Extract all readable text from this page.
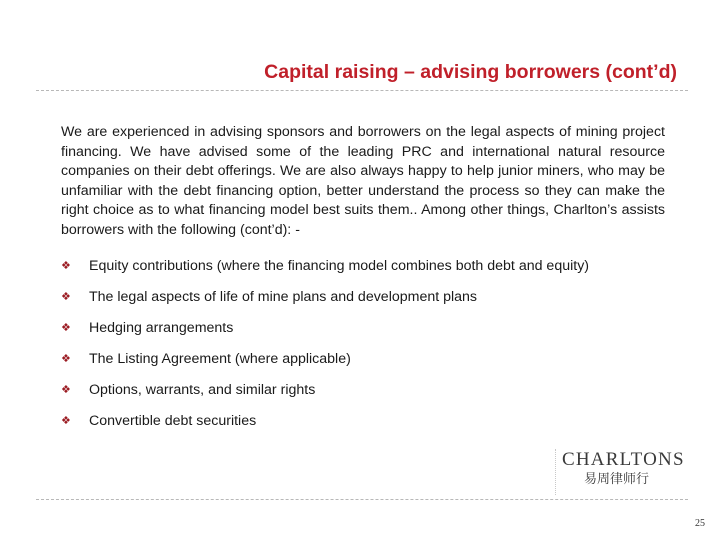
Capital raising – advising borrowers (cont’d)

We are experienced in advising sponsors and borrowers on the legal aspects of mining project financing. We have advised some of the leading PRC and international natural resource companies on their debt offerings. We are also always happy to help junior miners, who may be unfamiliar with the debt financing option, better understand the process so they can make the right choice as to what financing model best suits them.. Among other things, Charlton’s assists borrowers with the following (cont’d): -

❖	Equity contributions (where the financing model combines both debt and equity)
❖	The legal aspects of life of mine plans and development plans
❖	Hedging arrangements
❖	The Listing Agreement (where applicable)
❖	Options, warrants, and similar rights
❖	Convertible debt securities
CHARLTONS
易周律师行
25
